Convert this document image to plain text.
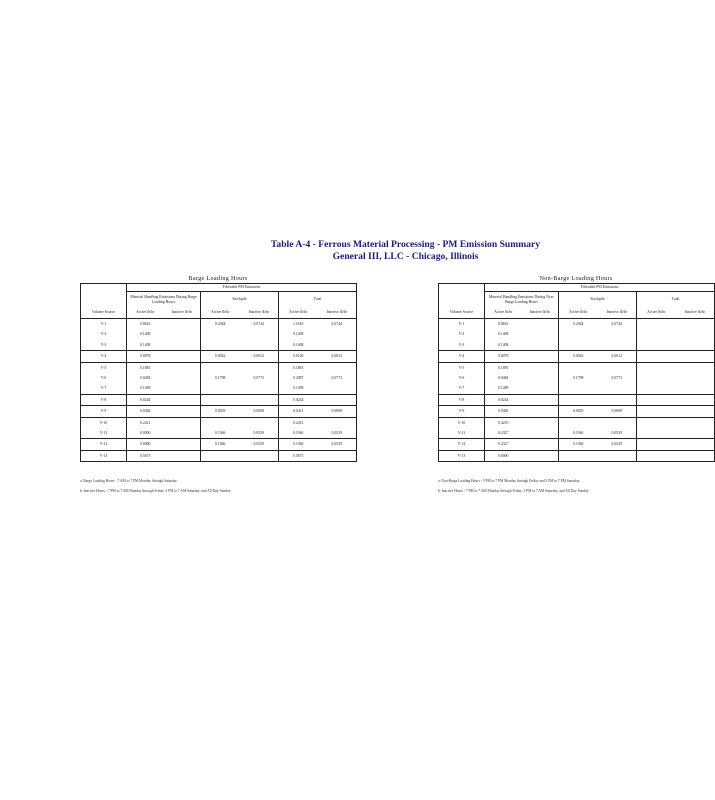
Table A-4 - Ferrous Material Processing - PM Emission Summary
General III, LLC - Chicago, Illinois
Barge Loading Hours
	Filterable PM Emissions					
	Material Handling Emissions During Barge Loading Hours		Stockpile		Total	
Volume Source	Active lb/hr	Inactive lb/hr	Active lb/hr	Inactive lb/hr	Active lb/hr	Inactive lb/hr
V-1	0.8616		0.2944	0.0744	1.1610	0.0744
V-2	0.1408				0.1408	
V-3	0.1408				0.1408	
V-4	0.0078		0.0042	0.0012	0.0120	0.0012
V-5	0.1881				0.1881	
V-6	0.0484		0.1798	0.0773	0.2087	0.0773
V-7	0.1498				0.1498	
V-8	0.0244				0.0244	
V-9	0.0382		0.0029	0.0008	0.0411	0.0008
V-10	0.2412				0.2412	
V-11	0.0000		0.1946	0.0529	0.1946	0.0529
V-12	0.0000		0.1946	0.0529	0.1946	0.0529
V-13	0.5673				0.5673	
a. Barge Loading Hours - 7 AM to 7 PM Monday through Saturday.
b. Inactive Hours - 7 PM to 7 AM Monday through Friday, 5 PM to 7 AM Saturday, and All Day Sunday.
Non-Barge Loading Hours
	Filterable PM Emissions					
	Material Handling Emissions During Non-Barge Loading Hours		Stockpile		Total	
Volume Source	Active lb/hr	Inactive lb/hr	Active lb/hr	Inactive lb/hr	Active lb/hr	Inactive lb/hr
V-1	0.8616		0.2944	0.0744		
V-2	0.1408					
V-3	0.1408					
V-4	0.0078		0.0042	0.0012		
V-5	0.1881					
V-6	0.0484		0.1798	0.0773		
V-7	0.1498					
V-8	0.0244					
V-9	0.0382		0.0029	0.0008		
V-10	0.4210					
V-11	0.2327		0.1946	0.0529		
V-12	0.2327		0.1946	0.0529		
V-13	0.0000					
a. Non-Barge Loading Hours - 5 PM to 7 PM Monday through Friday and 5 PM to 7 PM Saturday.
b. Inactive Hours - 7 PM to 7 AM Monday through Friday, 5 PM to 7 AM Saturday, and All Day Sunday.
